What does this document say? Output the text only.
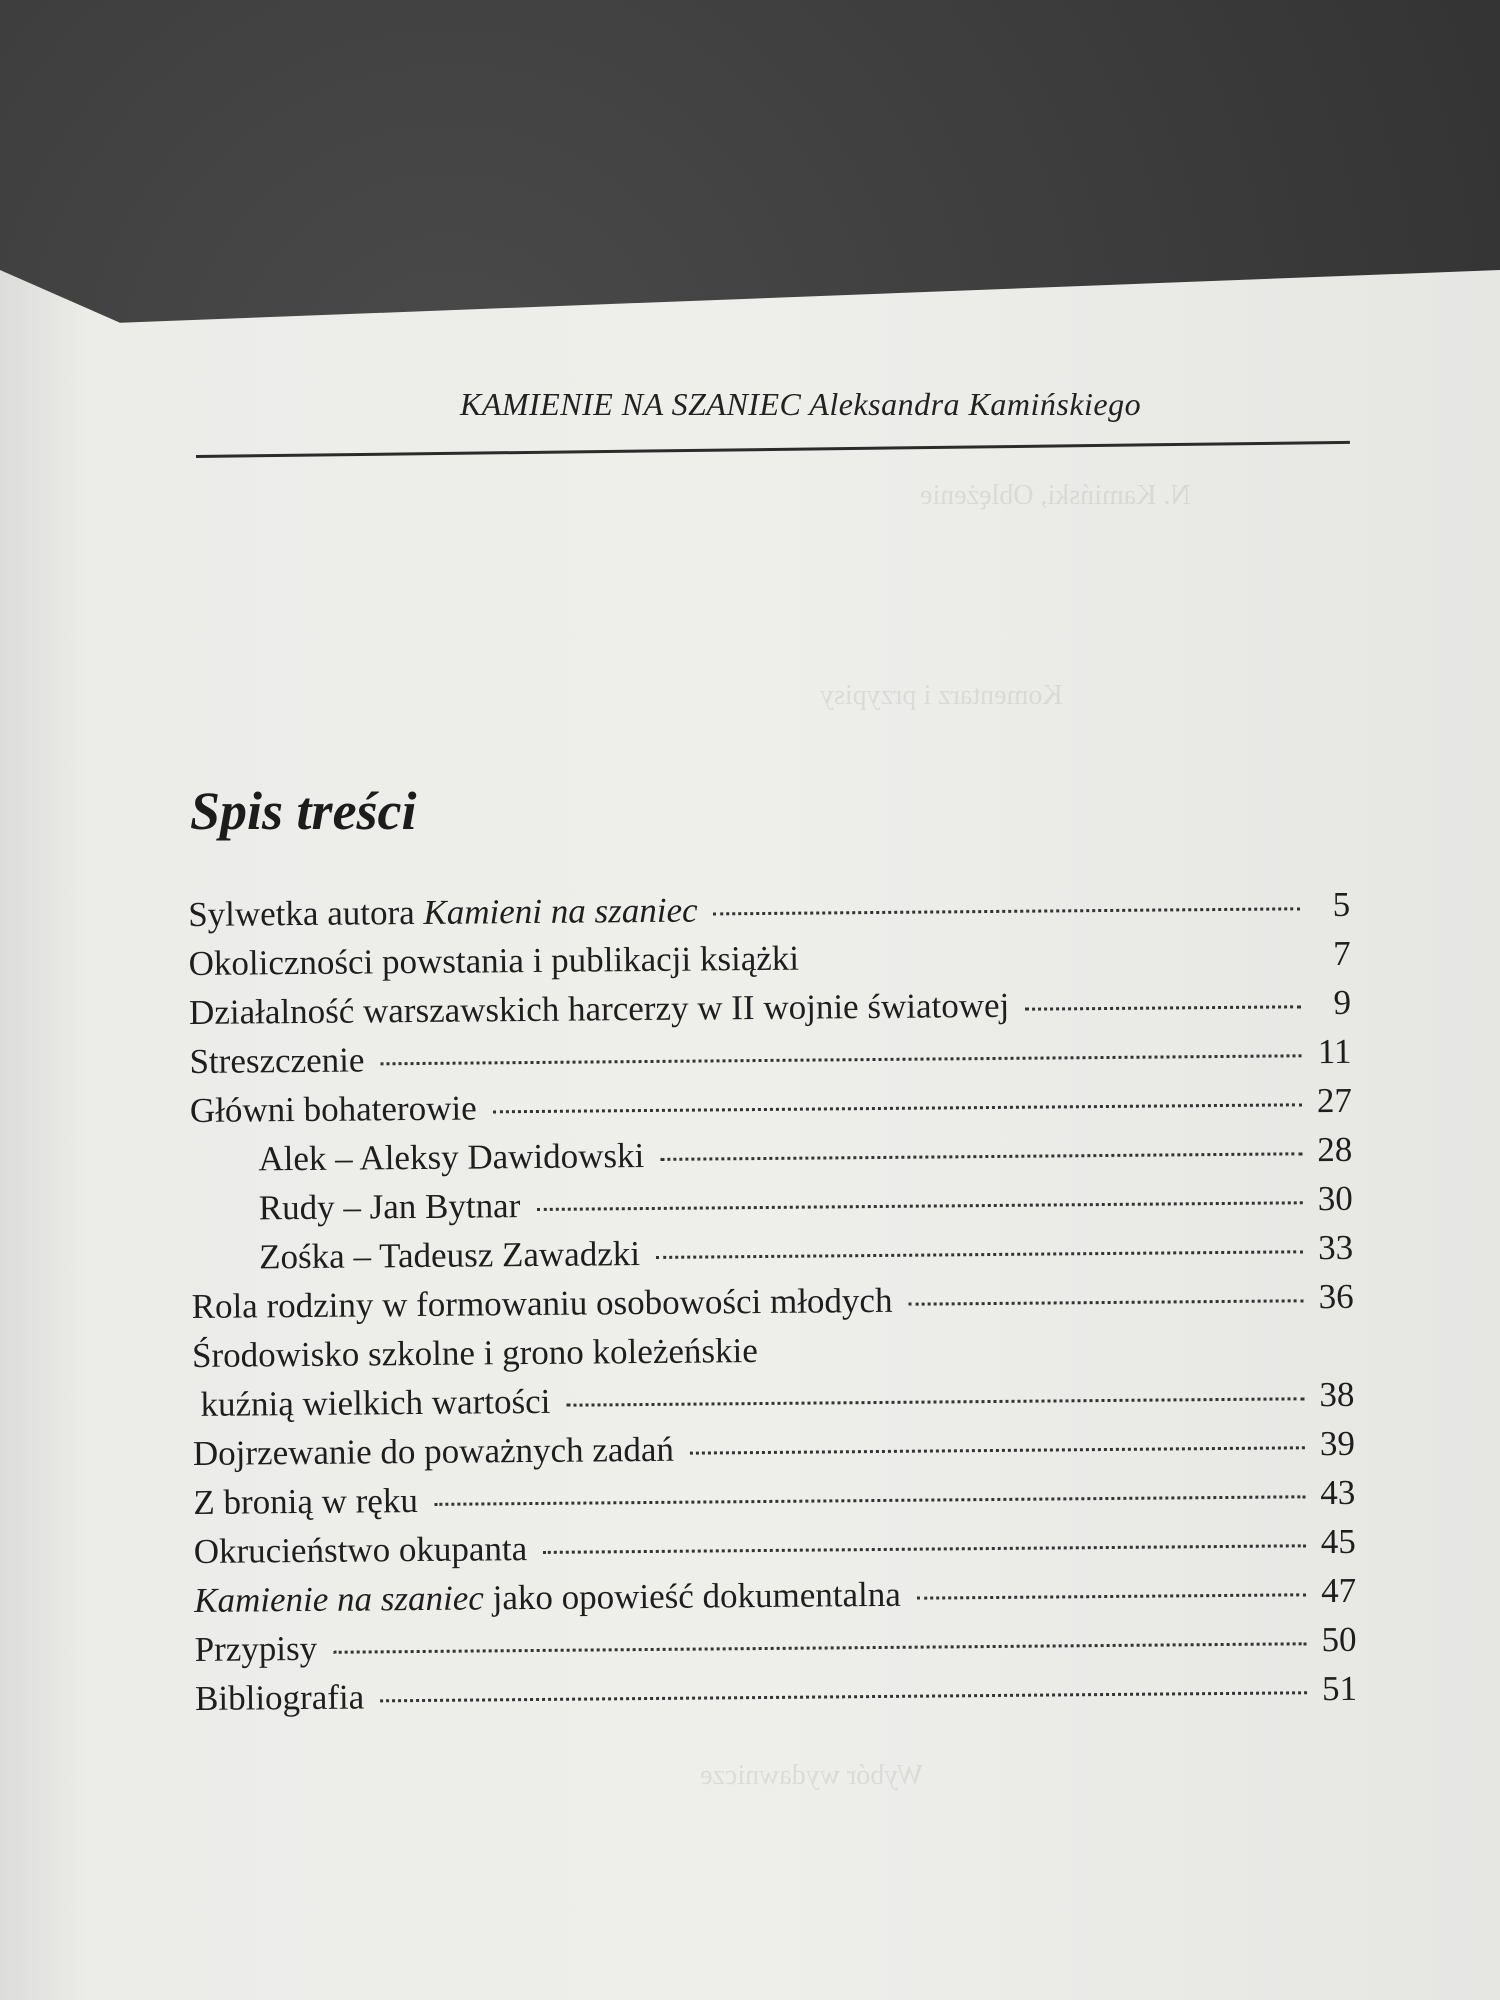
N. Kamiński, Oblężenie
Komentarz i przypisy
Wybór wydawnicze
KAMIENIE NA SZANIEC Aleksandra Kamińskiego
Spis treści
Sylwetka autora Kamieni na szaniec	5
Okoliczności powstania i publikacji książki	7
Działalność warszawskich harcerzy w II wojnie światowej	9
Streszczenie	11
Główni bohaterowie	27
Alek – Aleksy Dawidowski	28
Rudy – Jan Bytnar	30
Zośka – Tadeusz Zawadzki	33
Rola rodziny w formowaniu osobowości młodych	36
Środowisko szkolne i grono koleżeńskie
kuźnią wielkich wartości	38
Dojrzewanie do poważnych zadań	39
Z bronią w ręku	43
Okrucieństwo okupanta	45
Kamienie na szaniec jako opowieść dokumentalna	47
Przypisy	50
Bibliografia	51
